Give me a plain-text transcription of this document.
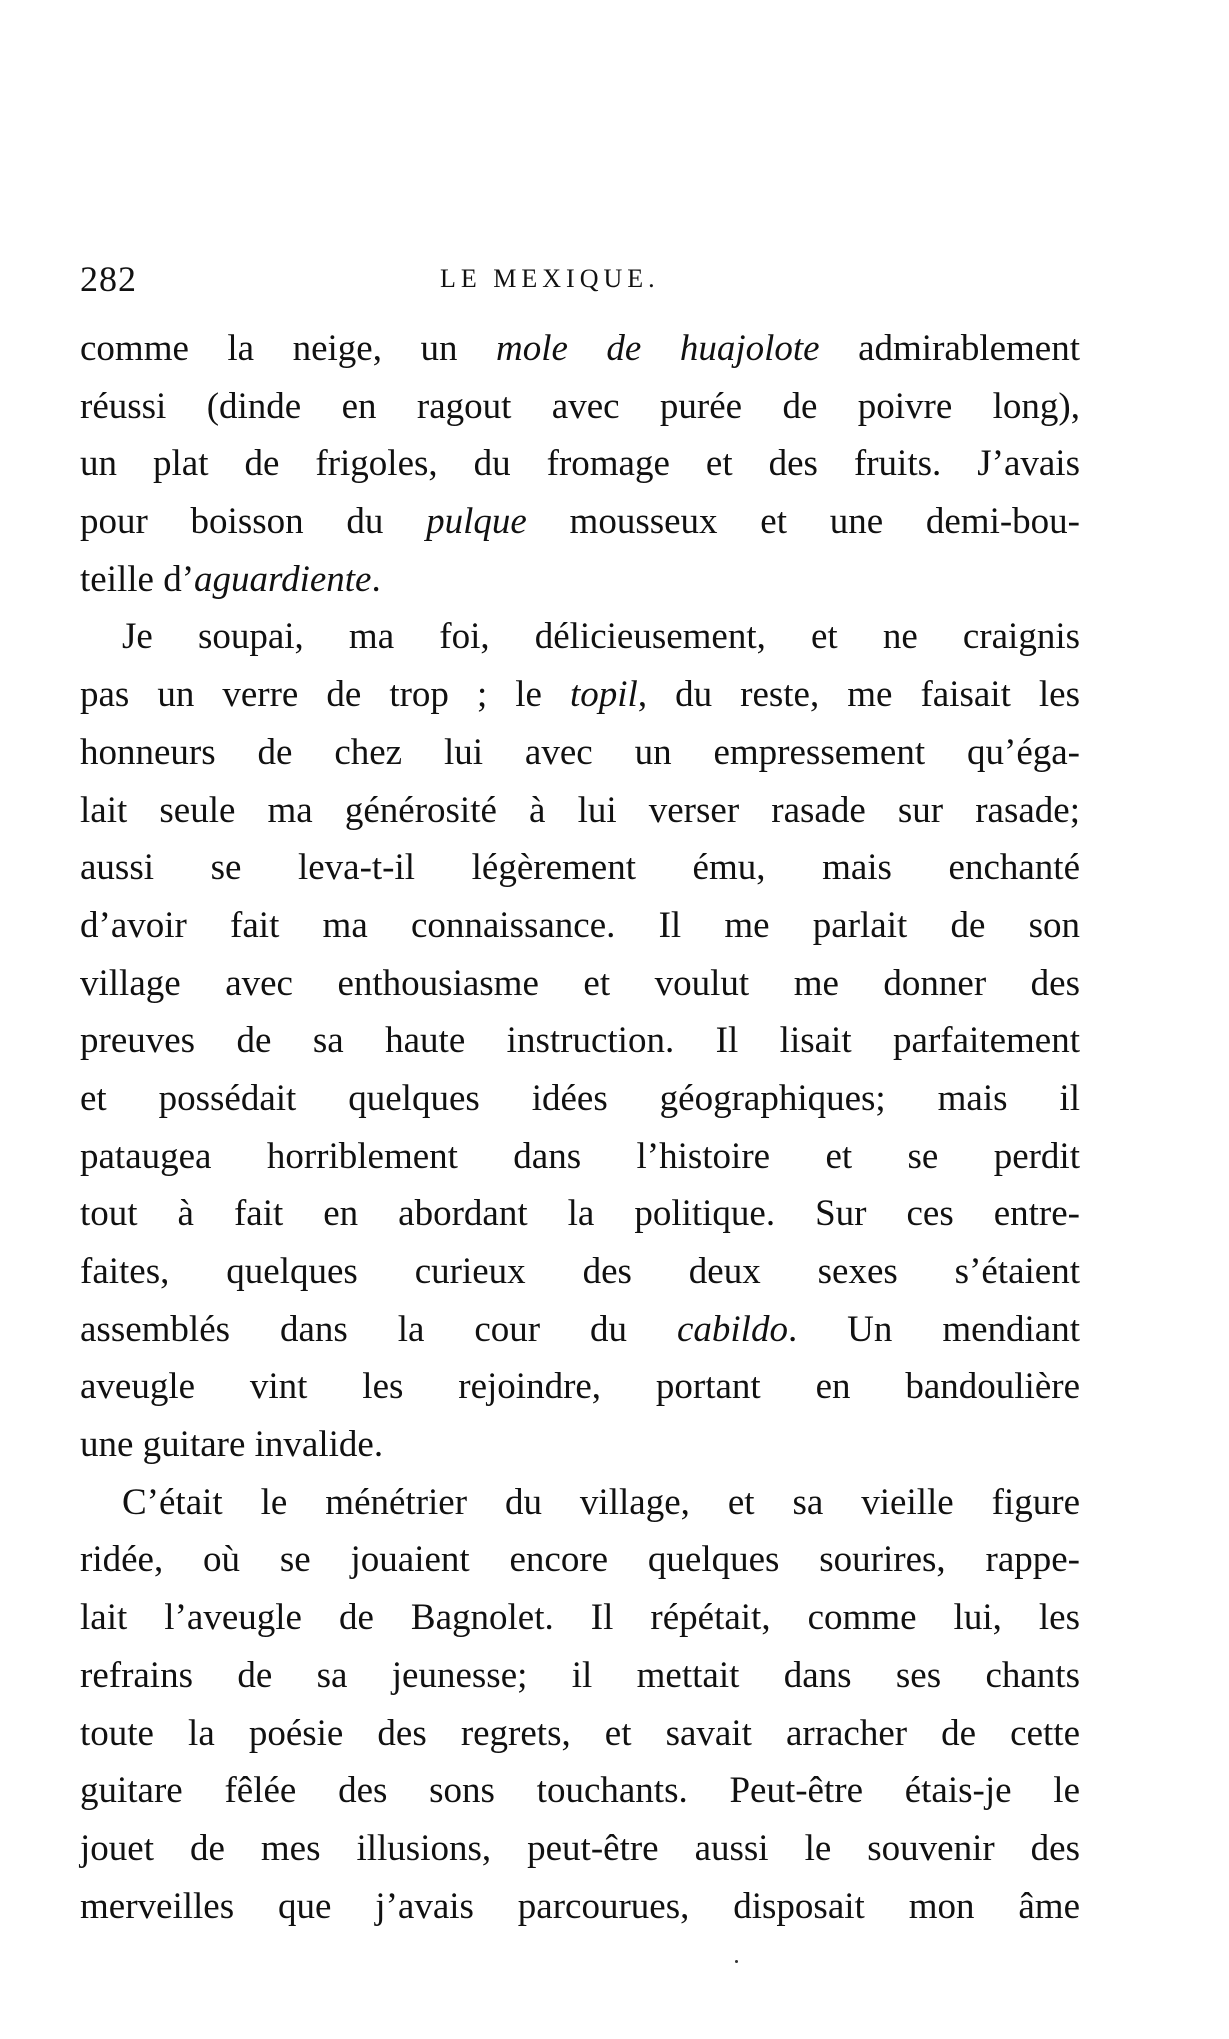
282	LE MEXIQUE.
comme la neige, un mole de huajolote admirablement
réussi (dinde en ragout avec purée de poivre long),
un plat de frigoles, du fromage et des fruits. J’avais
pour boisson du pulque mousseux et une demi-bou-
teille d’aguardiente.
Je soupai, ma foi, délicieusement, et ne craignis
pas un verre de trop ; le topil, du reste, me faisait les
honneurs de chez lui avec un empressement qu’éga-
lait seule ma générosité à lui verser rasade sur rasade;
aussi se leva-t-il légèrement ému, mais enchanté
d’avoir fait ma connaissance. Il me parlait de son
village avec enthousiasme et voulut me donner des
preuves de sa haute instruction. Il lisait parfaitement
et possédait quelques idées géographiques; mais il
pataugea horriblement dans l’histoire et se perdit
tout à fait en abordant la politique. Sur ces entre-
faites, quelques curieux des deux sexes s’étaient
assemblés dans la cour du cabildo. Un mendiant
aveugle vint les rejoindre, portant en bandoulière
une guitare invalide.
C’était le ménétrier du village, et sa vieille figure
ridée, où se jouaient encore quelques sourires, rappe-
lait l’aveugle de Bagnolet. Il répétait, comme lui, les
refrains de sa jeunesse; il mettait dans ses chants
toute la poésie des regrets, et savait arracher de cette
guitare fêlée des sons touchants. Peut-être étais-je le
jouet de mes illusions, peut-être aussi le souvenir des
merveilles que j’avais parcourues, disposait mon âme
